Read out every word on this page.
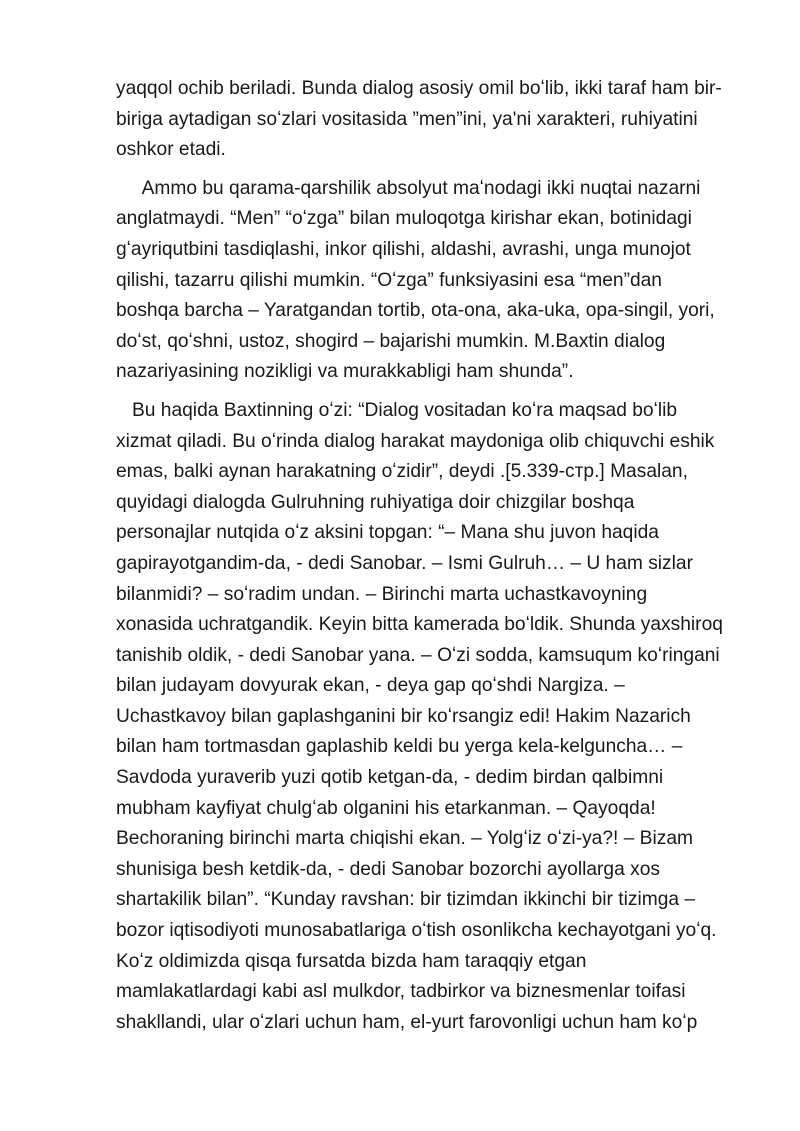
yaqqol ochib beriladi. Bunda dialog asosiy omil boʻlib, ikki taraf ham bir-
biriga aytadigan soʻzlari vositasida ”men”ini, ya'ni xarakteri, ruhiyatini
oshkor etadi.
Ammo bu qarama-qarshilik absolyut maʻnodagi ikki nuqtai nazarni
anglatmaydi. “Men” “oʻzga” bilan muloqotga kirishar ekan, botinidagi
gʻayriqutbini tasdiqlashi, inkor qilishi, aldashi, avrashi, unga munojot
qilishi, tazarru qilishi mumkin. “Oʻzga” funksiyasini esa “men”dan
boshqa barcha – Yaratgandan tortib, ota-ona, aka-uka, opa-singil, yori,
doʻst, qoʻshni, ustoz, shogird – bajarishi mumkin. M.Baxtin dialog
nazariyasining nozikligi va murakkabligi ham shunda”.
Bu haqida Baxtinning oʻzi: “Dialog vositadan koʻra maqsad boʻlib
xizmat qiladi. Bu oʻrinda dialog harakat maydoniga olib chiquvchi eshik
emas, balki aynan harakatning oʻzidir”, deydi .[5.339-стр.] Masalan,
quyidagi dialogda Gulruhning ruhiyatiga doir chizgilar boshqa
personajlar nutqida oʻz aksini topgan: “– Mana shu juvon haqida
gapirayotgandim-da, - dedi Sanobar. – Ismi Gulruh… – U ham sizlar
bilanmidi? – soʻradim undan. – Birinchi marta uchastkavoyning
xonasida uchratgandik. Keyin bitta kamerada boʻldik. Shunda yaxshiroq
tanishib oldik, - dedi Sanobar yana. – Oʻzi sodda, kamsuqum koʻringani
bilan judayam dovyurak ekan, - deya gap qoʻshdi Nargiza. –
Uchastkavoy bilan gaplashganini bir koʻrsangiz edi! Hakim Nazarich
bilan ham tortmasdan gaplashib keldi bu yerga kela-kelguncha… –
Savdoda yuraverib yuzi qotib ketgan-da, - dedim birdan qalbimni
mubham kayfiyat chulgʻab olganini his etarkanman. – Qayoqda!
Bechoraning birinchi marta chiqishi ekan. – Yolgʻiz oʻzi-ya?! – Bizam
shunisiga besh ketdik-da, - dedi Sanobar bozorchi ayollarga xos
shartakilik bilan”. “Kunday ravshan: bir tizimdan ikkinchi bir tizimga –
bozor iqtisodiyoti munosabatlariga oʻtish osonlikcha kechayotgani yoʻq.
Koʻz oldimizda qisqa fursatda bizda ham taraqqiy etgan
mamlakatlardagi kabi asl mulkdor, tadbirkor va biznesmenlar toifasi
shakllandi, ular oʻzlari uchun ham, el-yurt farovonligi uchun ham koʻp
